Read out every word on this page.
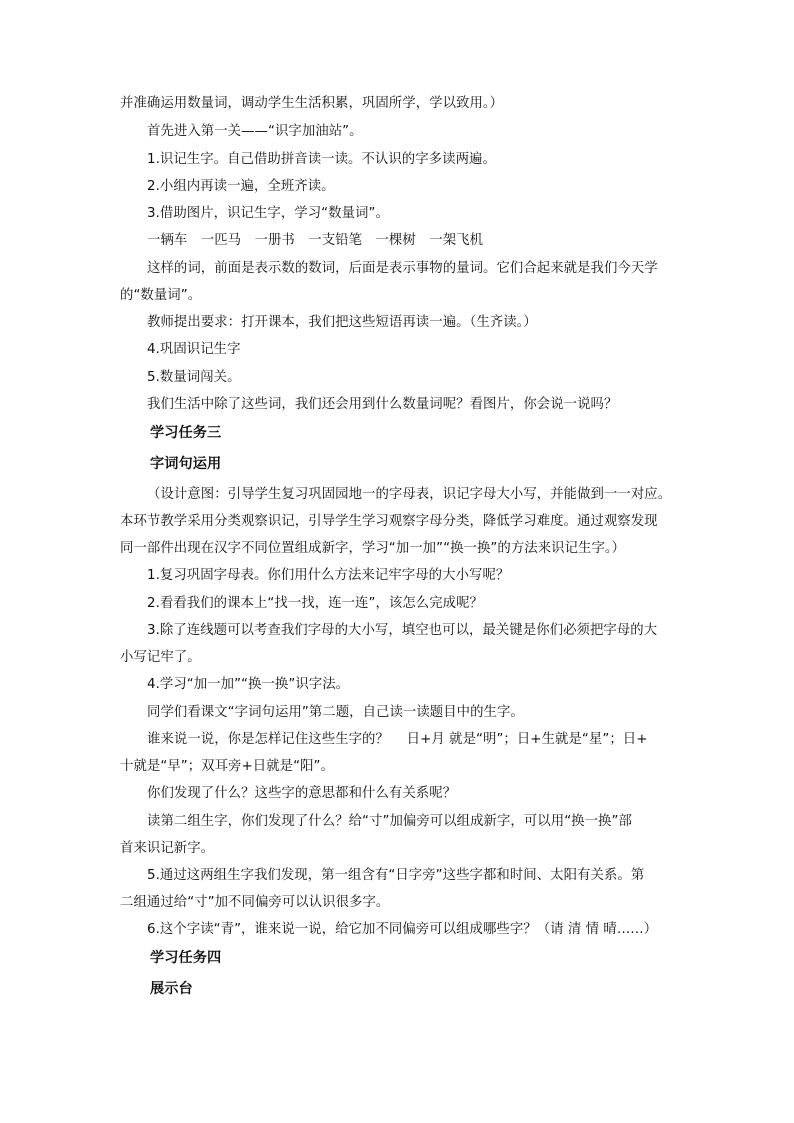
并准确运用数量词，调动学生生活积累，巩固所学，学以致用。）
首先进入第一关——“识字加油站”。
1.识记生字。自己借助拼音读一读。不认识的字多读两遍。
2.小组内再读一遍，全班齐读。
3.借助图片，识记生字，学习“数量词”。
一辆车　一匹马　一册书　一支铅笔　一棵树　一架飞机
这样的词，前面是表示数的数词，后面是表示事物的量词。它们合起来就是我们今天学
的“数量词”。
教师提出要求：打开课本，我们把这些短语再读一遍。（生齐读。）
4.巩固识记生字
5.数量词闯关。
我们生活中除了这些词，我们还会用到什么数量词呢？看图片，你会说一说吗？
学习任务三
字词句运用
（设计意图：引导学生复习巩固园地一的字母表，识记字母大小写，并能做到一一对应。
本环节教学采用分类观察识记，引导学生学习观察字母分类，降低学习难度。通过观察发现
同一部件出现在汉字不同位置组成新字，学习“加一加”“换一换”的方法来识记生字。）
1.复习巩固字母表。你们用什么方法来记牢字母的大小写呢？
2.看看我们的课本上“找一找，连一连”，该怎么完成呢？
3.除了连线题可以考查我们字母的大小写，填空也可以，最关键是你们必须把字母的大
小写记牢了。
4.学习“加一加”“换一换”识字法。
同学们看课文“字词句运用”第二题，自己读一读题目中的生字。
谁来说一说，你是怎样记住这些生字的？　 日+月 就是“明”；日+生就是“星”；日+
十就是“早”；双耳旁+日就是“阳”。
你们发现了什么？这些字的意思都和什么有关系呢？
读第二组生字，你们发现了什么？给“寸”加偏旁可以组成新字，可以用“换一换”部
首来识记新字。
5.通过这两组生字我们发现，第一组含有“日字旁”这些字都和时间、太阳有关系。第
二组通过给“寸”加不同偏旁可以认识很多字。
6.这个字读“青”，谁来说一说，给它加不同偏旁可以组成哪些字？（请 清 情 晴……）
学习任务四
展示台
